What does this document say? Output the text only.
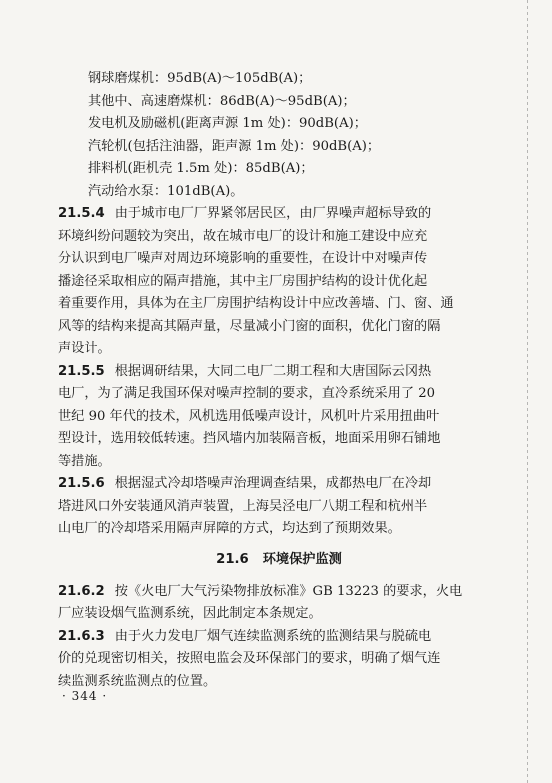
钢球磨煤机：95dB(A)～105dB(A)；
其他中、高速磨煤机：86dB(A)～95dB(A)；
发电机及励磁机(距离声源 1m 处)：90dB(A)；
汽轮机(包括注油器，距声源 1m 处)：90dB(A)；
排料机(距机壳 1.5m 处)：85dB(A)；
汽动给水泵：101dB(A)。
21.5.4 由于城市电厂厂界紧邻居民区，由厂界噪声超标导致的
环境纠纷问题较为突出，故在城市电厂的设计和施工建设中应充
分认识到电厂噪声对周边环境影响的重要性，在设计中对噪声传
播途径采取相应的隔声措施，其中主厂房围护结构的设计优化起
着重要作用，具体为在主厂房围护结构设计中应改善墙、门、窗、通
风等的结构来提高其隔声量，尽量减小门窗的面积，优化门窗的隔
声设计。
21.5.5 根据调研结果，大同二电厂二期工程和大唐国际云冈热
电厂，为了满足我国环保对噪声控制的要求，直冷系统采用了 20
世纪 90 年代的技术，风机选用低噪声设计，风机叶片采用扭曲叶
型设计，选用较低转速。挡风墙内加装隔音板，地面采用卵石铺地
等措施。
21.5.6 根据湿式冷却塔噪声治理调查结果，成都热电厂在冷却
塔进风口外安装通风消声装置，上海吴泾电厂八期工程和杭州半
山电厂的冷却塔采用隔声屏障的方式，均达到了预期效果。
21.6 环境保护监测
21.6.2 按《火电厂大气污染物排放标准》GB 13223 的要求，火电
厂应装设烟气监测系统，因此制定本条规定。
21.6.3 由于火力发电厂烟气连续监测系统的监测结果与脱硫电
价的兑现密切相关，按照电监会及环保部门的要求，明确了烟气连
续监测系统监测点的位置。
· 344 ·
